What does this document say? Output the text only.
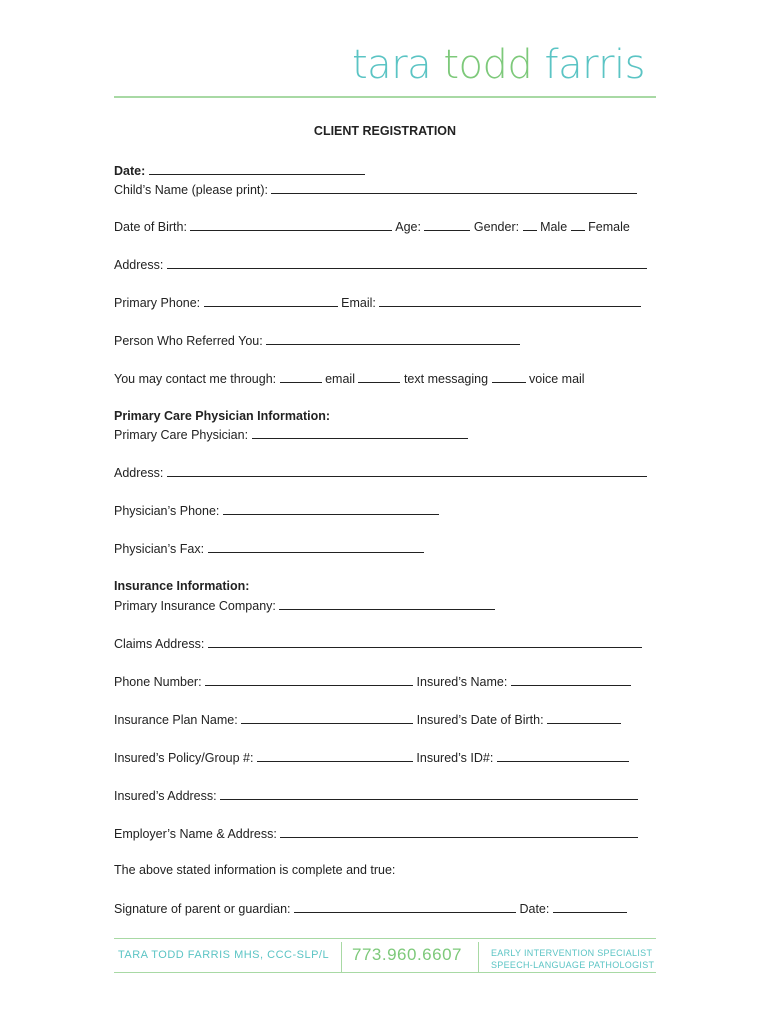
tara todd farris
CLIENT REGISTRATION
Date:
Child’s Name (please print):
Date of Birth:	Age:	Gender: Male Female
Address:
Primary Phone:	Email:
Person Who Referred You:
You may contact me through:	email	text messaging	voice mail
Primary Care Physician Information:
Primary Care Physician:
Address:
Physician’s Phone:
Physician’s Fax:
Insurance Information:
Primary Insurance Company:
Claims Address:
Phone Number:	Insured’s Name:
Insurance Plan Name:	Insured’s Date of Birth:
Insured’s Policy/Group #:	Insured’s ID#:
Insured’s Address:
Employer’s Name & Address:
The above stated information is complete and true:
Signature of parent or guardian:	Date:
TARA TODD FARRIS MHS, CCC-SLP/L 773.960.6607	EARLY INTERVENTION SPECIALIST
SPEECH-LANGUAGE PATHOLOGIST
